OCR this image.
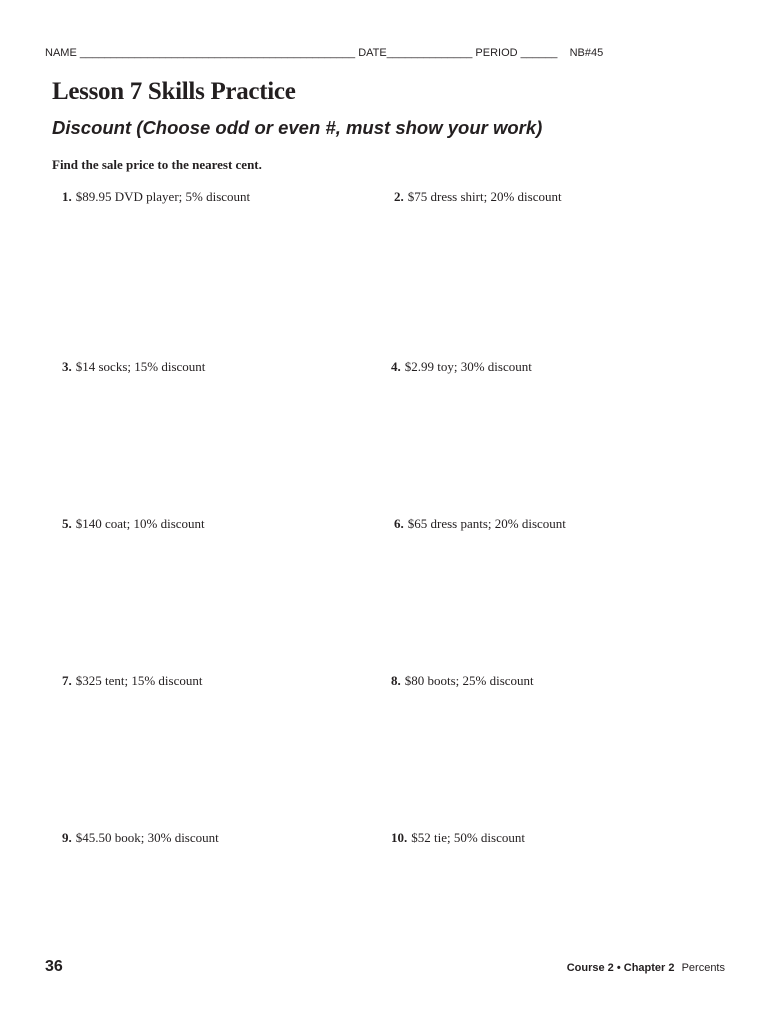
NAME _____________________________________________ DATE______________ PERIOD ______    NB#45
Lesson 7 Skills Practice
Discount (Choose odd or even #, must show your work)
Find the sale price to the nearest cent.
1. $89.95 DVD player; 5% discount	2. $75 dress shirt; 20% discount
3. $14 socks; 15% discount	4. $2.99 toy; 30% discount
5. $140 coat; 10% discount	6. $65 dress pants; 20% discount
7. $325 tent; 15% discount	8. $80 boots; 25% discount
9. $45.50 book; 30% discount	10. $52 tie; 50% discount
36	Course 2 • Chapter 2 Percents
